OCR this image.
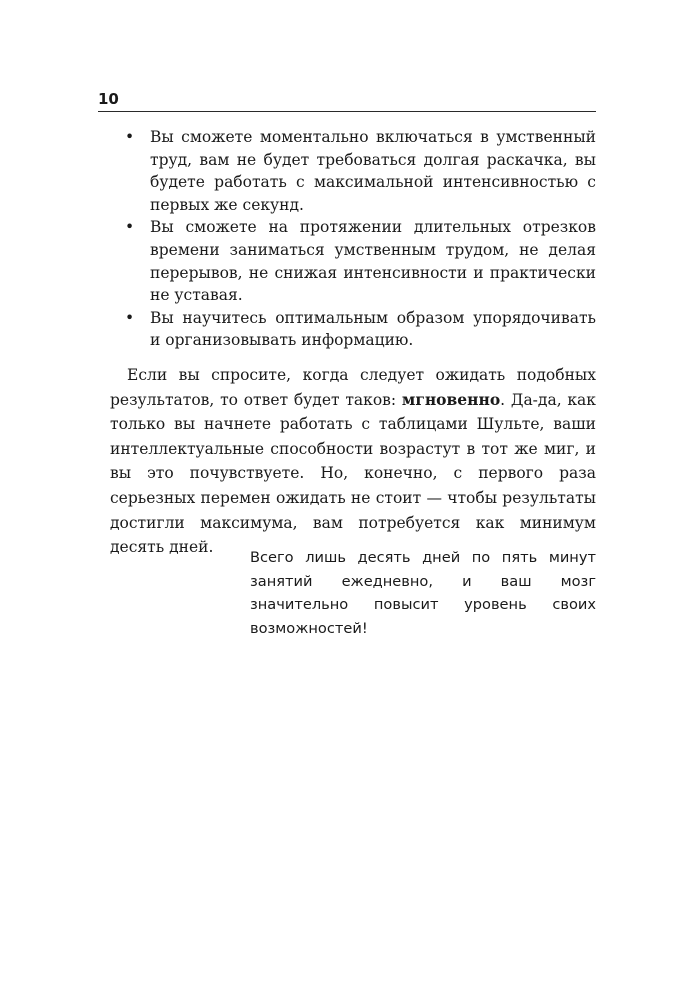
10
• Вы сможете моментально включаться в умственный труд, вам не будет требоваться долгая раскачка, вы будете работать с максимальной интенсивностью с первых же секунд.
• Вы сможете на протяжении длительных отрезков времени заниматься умственным трудом, не делая перерывов, не снижая интенсивности и практически не уставая.
• Вы научитесь оптимальным образом упорядочивать и организовывать информацию.

Если вы спросите, когда следует ожидать подобных результатов, то ответ будет таков: мгновенно. Да-да, как только вы начнете работать с таблицами Шульте, ваши интеллектуальные способности возрастут в тот же миг, и вы это почувствуете. Но, конечно, с первого раза серьезных перемен ожидать не стоит — чтобы результаты достигли максимума, вам потребуется как минимум десять дней.

Всего лишь десять дней по пять минут занятий ежедневно, и ваш мозг значительно повысит уровень своих возможностей!
